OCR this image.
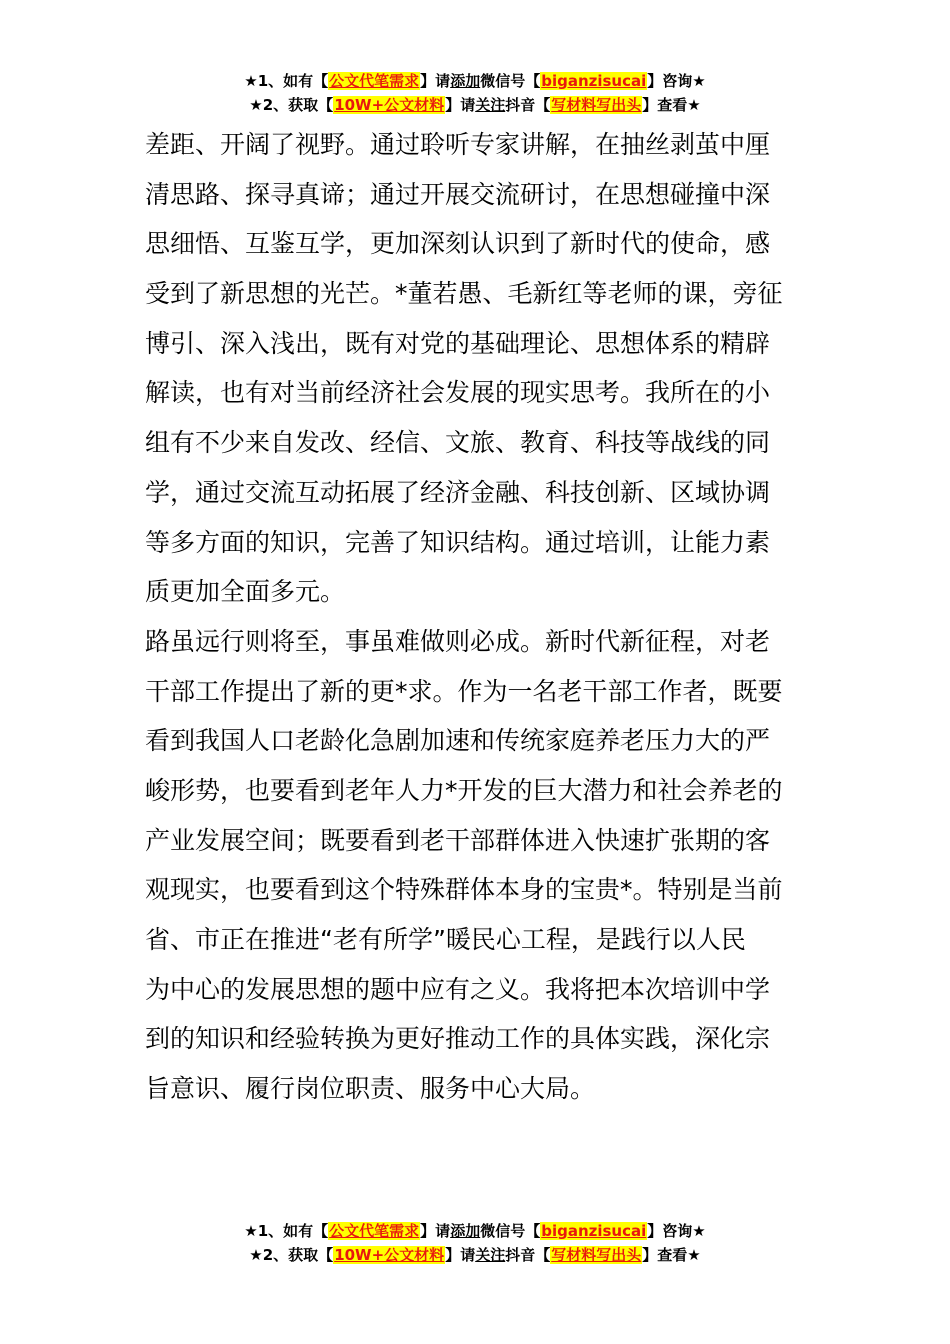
★1、如有【公文代笔需求】请添加微信号【biganzisucai】咨询★
★2、获取【10W+公文材料】请关注抖音【写材料写出头】查看★
差距、开阔了视野。通过聆听专家讲解，在抽丝剥茧中厘
清思路、探寻真谛；通过开展交流研讨，在思想碰撞中深
思细悟、互鉴互学，更加深刻认识到了新时代的使命，感
受到了新思想的光芒。*董若愚、毛新红等老师的课，旁征
博引、深入浅出，既有对党的基础理论、思想体系的精辟
解读，也有对当前经济社会发展的现实思考。我所在的小
组有不少来自发改、经信、文旅、教育、科技等战线的同
学，通过交流互动拓展了经济金融、科技创新、区域协调
等多方面的知识，完善了知识结构。通过培训，让能力素
质更加全面多元。
路虽远行则将至，事虽难做则必成。新时代新征程，对老
干部工作提出了新的更*求。作为一名老干部工作者，既要
看到我国人口老龄化急剧加速和传统家庭养老压力大的严
峻形势，也要看到老年人力*开发的巨大潜力和社会养老的
产业发展空间；既要看到老干部群体进入快速扩张期的客
观现实，也要看到这个特殊群体本身的宝贵*。特别是当前
省、市正在推进“老有所学”暖民心工程，是践行以人民
为中心的发展思想的题中应有之义。我将把本次培训中学
到的知识和经验转换为更好推动工作的具体实践，深化宗
旨意识、履行岗位职责、服务中心大局。
★1、如有【公文代笔需求】请添加微信号【biganzisucai】咨询★
★2、获取【10W+公文材料】请关注抖音【写材料写出头】查看★
